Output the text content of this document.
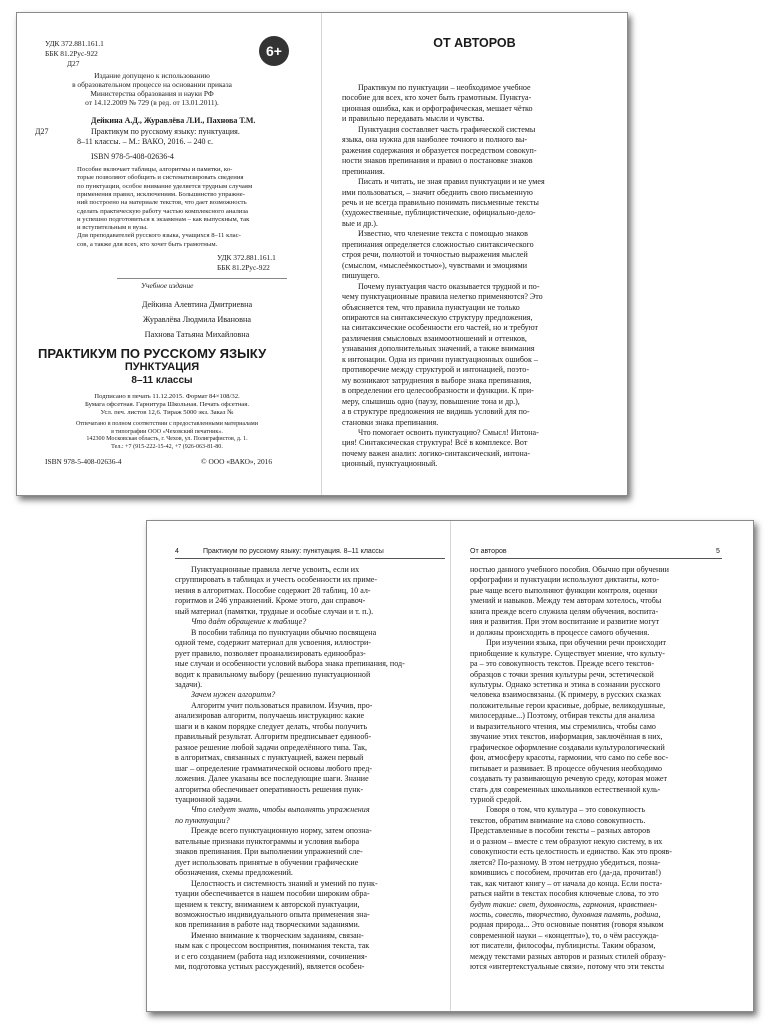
УДК 372.881.161.1
ББК 81.2Рус-922
Д27
6+
Издание допущено к использованию
в образовательном процессе на основании приказа
Министерства образования и науки РФ
от 14.12.2009 № 729 (в ред. от 13.01.2011).
Дейкина А.Д., Журавлёва Л.И., Пахнова Т.М.
Д27	Практикум по русскому языку: пунктуация.
8–11 классы. – М.: ВАКО, 2016. – 240 с.
ISBN 978-5-408-02636-4
Пособие включает таблицы, алгоритмы и памятки, ко-
торые позволяют обобщить и систематизировать сведения
по пунктуации, особое внимание уделяется трудным случаям
применения правил, исключениям. Большинство упражне-
ний построено на материале текстов, что дает возможность
сделать практическую работу частью комплексного анализа
и успешно подготовиться к экзаменам – как выпускным, так
и вступительным в вузы.
Для преподавателей русского языка, учащихся 8–11 клас-
сов, а также для всех, кто хочет быть грамотным.
УДК 372.881.161.1
ББК 81.2Рус-922
Учебное издание
Дейкина Алевтина Дмитриевна
Журавлёва Людмила Ивановна
Пахнова Татьяна Михайловна
ПРАКТИКУМ ПО РУССКОМУ ЯЗЫКУ
ПУНКТУАЦИЯ
8–11 классы
Подписано в печать 11.12.2015. Формат 84×108/32.
Бумага офсетная. Гарнитура Школьная. Печать офсетная.
Усл. печ. листов 12,6. Тираж 5000 экз. Заказ №
Отпечатано в полном соответствии с предоставленными материалами
в типографии ООО «Чеховский печатник».
142300 Московская область, г. Чехов, ул. Полиграфистов, д. 1.
Тел.: +7 (915-222-15-42, +7 (926-063-81-80.
ISBN 978-5-408-02636-4	© ООО «ВАКО», 2016
ОТ АВТОРОВ
Практикум по пунктуации – необходимое учебное
пособие для всех, кто хочет быть грамотным. Пунктуа-
ционная ошибка, как и орфографическая, мешает чётко
и правильно передавать мысли и чувства.
Пунктуация составляет часть графической системы
языка, она нужна для наиболее точного и полного вы-
ражения содержания и образуется посредством совокуп-
ности знаков препинания и правил о постановке знаков
препинания.
Писать и читать, не зная правил пунктуации и не умея
ими пользоваться, – значит обеднить свою письменную
речь и не всегда правильно понимать письменные тексты
(художественные, публицистические, официально-дело-
вые и др.).
Известно, что членение текста с помощью знаков
препинания определяется сложностью синтаксического
строя речи, полнотой и точностью выражения мыслей
(смыслом, «мыслеёмкостью»), чувствами и эмоциями
пишущего.
Почему пунктуация часто оказывается трудной и по-
чему пунктуационные правила нелегко применяются? Это
объясняется тем, что правила пунктуации не только
опираются на синтаксическую структуру предложения,
на синтаксические особенности его частей, но и требуют
различения смысловых взаимоотношений и оттенков,
узнавания дополнительных значений, а также внимания
к интонации. Одна из причин пунктуационных ошибок –
противоречие между структурой и интонацией, поэто-
му возникают затруднения в выборе знака препинания,
в определении его целесообразности и функции. К при-
меру, слышишь одно (паузу, повышение тона и др.),
а в структуре предложения не видишь условий для по-
становки знака препинания.
Что помогает освоить пунктуацию? Смысл! Интона-
ция! Синтаксическая структура! Всё в комплексе. Вот
почему важен анализ: логико-синтаксический, интона-
ционный, пунктуационный.
4	Практикум по русскому языку: пунктуация. 8–11 классы
Пунктуационные правила легче усвоить, если их
сгруппировать в таблицах и учесть особенности их приме-
нения в алгоритмах. Пособие содержит 28 таблиц, 10 ал-
горитмов и 246 упражнений. Кроме этого, дан справоч-
ный материал (памятки, трудные и особые случаи и т. п.).
Что даёт обращение к таблице?
В пособии таблица по пунктуации обычно посвящена
одной теме, содержит материал для усвоения, иллюстри-
рует правило, позволяет проанализировать единообраз-
ные случаи и особенности условий выбора знака препинания, под-
водит к правильному выбору (решению пунктуационной
задачи).
Зачем нужен алгоритм?
Алгоритм учит пользоваться правилом. Изучив, про-
анализировав алгоритм, получаешь инструкцию: какие
шаги и в каком порядке следует делать, чтобы получить
правильный результат. Алгоритм предписывает единооб-
разное решение любой задачи определённого типа. Так,
в алгоритмах, связанных с пунктуацией, важен первый
шаг – определение грамматической основы любого пред-
ложения. Далее указаны все последующие шаги. Знание
алгоритма обеспечивает оперативность решения пунк-
туационной задачи.
Что следует знать, чтобы выполнять упражнения
по пунктуации?
Прежде всего пунктуационную норму, затем опозна-
вательные признаки пунктограммы и условия выбора
знаков препинания. При выполнении упражнений сле-
дует использовать принятые в обучении графические
обозначения, схемы предложений.
Целостность и системность знаний и умений по пунк-
туации обеспечивается в нашем пособии широким обра-
щением к тексту, вниманием к авторской пунктуации,
возможностью индивидуального опыта применения зна-
ков препинания в работе над творческими заданиями.
Именно внимание к творческим заданиям, связан-
ным как с процессом восприятия, понимания текста, так
и с его созданием (работа над изложениями, сочинения-
ми, подготовка устных рассуждений), является особен-
От авторов	5
ностью данного учебного пособия. Обычно при обучении
орфографии и пунктуации используют диктанты, кото-
рые чаще всего выполняют функции контроля, оценки
умений и навыков. Между тем авторам хотелось, чтобы
книга прежде всего служила целям обучения, воспита-
ния и развития. При этом воспитание и развитие могут
и должны происходить в процессе самого обучения.
При изучении языка, при обучении речи происходит
приобщение к культуре. Существует мнение, что культу-
ра – это совокупность текстов. Прежде всего текстов-
образцов с точки зрения культуры речи, эстетической
культуры. Однако эстетика и этика в сознании русского
человека взаимосвязаны. (К примеру, в русских сказках
положительные герои красивые, добрые, великодушные,
милосердные...) Поэтому, отбирая тексты для анализа
и выразительного чтения, мы стремились, чтобы само
звучание этих текстов, информация, заключённая в них,
графическое оформление создавали культурологический
фон, атмосферу красоты, гармонии, что само по себе вос-
питывает и развивает. В процессе обучения необходимо
создавать ту развивающую речевую среду, которая может
стать для современных школьников естественной куль-
турной средой.
Говоря о том, что культура – это совокупность
текстов, обратим внимание на слово совокупность.
Представленные в пособии тексты – разных авторов
и о разном – вместе с тем образуют некую систему, в их
совокупности есть целостность и единство. Как это прояв-
ляется? По-разному. В этом нетрудно убедиться, позна-
комившись с пособием, прочитав его (да-да, прочитав!)
так, как читают книгу – от начала до конца. Если поста-
раться найти в текстах пособия ключевые слова, то это
будут такие: свет, духовность, гармония, нравствен-
ность, совесть, творчество, духовная память, родина,
родная природа... Это основные понятия (говоря языком
современной науки – «концепты»), то, о чём рассужда-
ют писатели, философы, публицисты. Таким образом,
между текстами разных авторов и разных стилей образу-
ются «интертекстуальные связи», потому что эти тексты
